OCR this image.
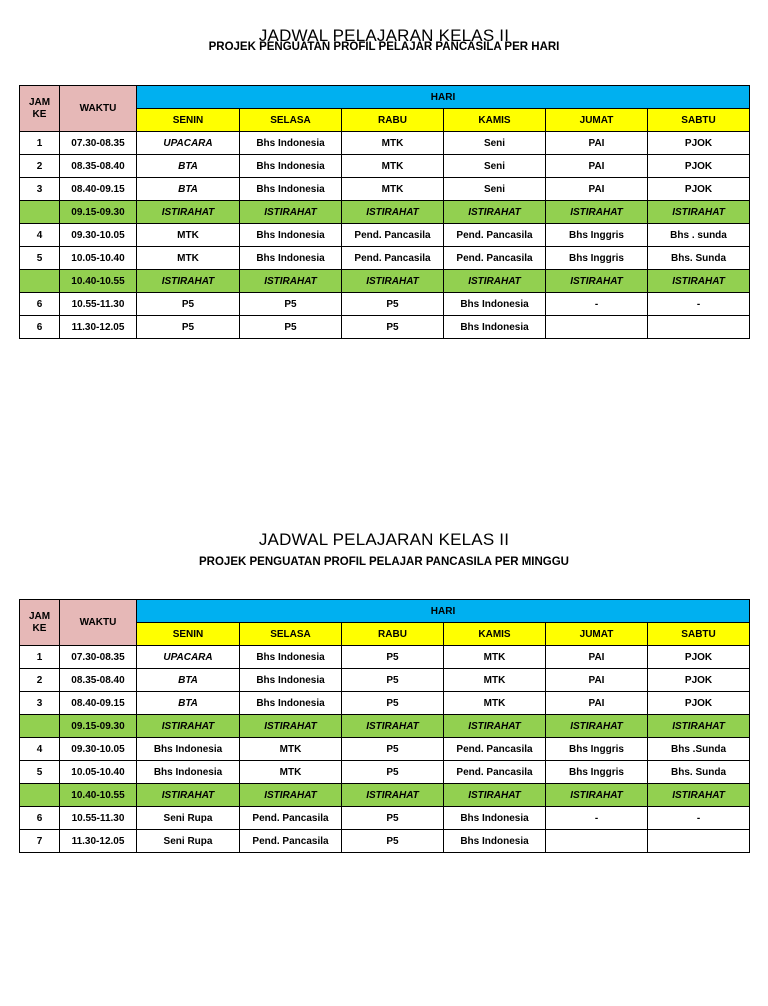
JADWAL PELAJARAN KELAS II
PROJEK PENGUATAN PROFIL PELAJAR PANCASILA PER HARI
JAM KE	WAKTU	HARI					
		SENIN	SELASA	RABU	KAMIS	JUMAT	SABTU
1	07.30-08.35	UPACARA	Bhs Indonesia	MTK	Seni	PAI	PJOK
2	08.35-08.40	BTA	Bhs Indonesia	MTK	Seni	PAI	PJOK
3	08.40-09.15	BTA	Bhs Indonesia	MTK	Seni	PAI	PJOK
	09.15-09.30	ISTIRAHAT	ISTIRAHAT	ISTIRAHAT	ISTIRAHAT	ISTIRAHAT	ISTIRAHAT
4	09.30-10.05	MTK	Bhs Indonesia	Pend. Pancasila	Pend. Pancasila	Bhs Inggris	Bhs . sunda
5	10.05-10.40	MTK	Bhs Indonesia	Pend. Pancasila	Pend. Pancasila	Bhs Inggris	Bhs. Sunda
	10.40-10.55	ISTIRAHAT	ISTIRAHAT	ISTIRAHAT	ISTIRAHAT	ISTIRAHAT	ISTIRAHAT
6	10.55-11.30	P5	P5	P5	Bhs Indonesia	-	-
6	11.30-12.05	P5	P5	P5	Bhs Indonesia		
JADWAL PELAJARAN KELAS II
PROJEK PENGUATAN PROFIL PELAJAR PANCASILA PER MINGGU
JAM KE	WAKTU	HARI					
		SENIN	SELASA	RABU	KAMIS	JUMAT	SABTU
1	07.30-08.35	UPACARA	Bhs Indonesia	P5	MTK	PAI	PJOK
2	08.35-08.40	BTA	Bhs Indonesia	P5	MTK	PAI	PJOK
3	08.40-09.15	BTA	Bhs Indonesia	P5	MTK	PAI	PJOK
	09.15-09.30	ISTIRAHAT	ISTIRAHAT	ISTIRAHAT	ISTIRAHAT	ISTIRAHAT	ISTIRAHAT
4	09.30-10.05	Bhs Indonesia	MTK	P5	Pend. Pancasila	Bhs Inggris	Bhs .Sunda
5	10.05-10.40	Bhs Indonesia	MTK	P5	Pend. Pancasila	Bhs Inggris	Bhs. Sunda
	10.40-10.55	ISTIRAHAT	ISTIRAHAT	ISTIRAHAT	ISTIRAHAT	ISTIRAHAT	ISTIRAHAT
6	10.55-11.30	Seni Rupa	Pend. Pancasila	P5	Bhs Indonesia	-	-
7	11.30-12.05	Seni Rupa	Pend. Pancasila	P5	Bhs Indonesia		
